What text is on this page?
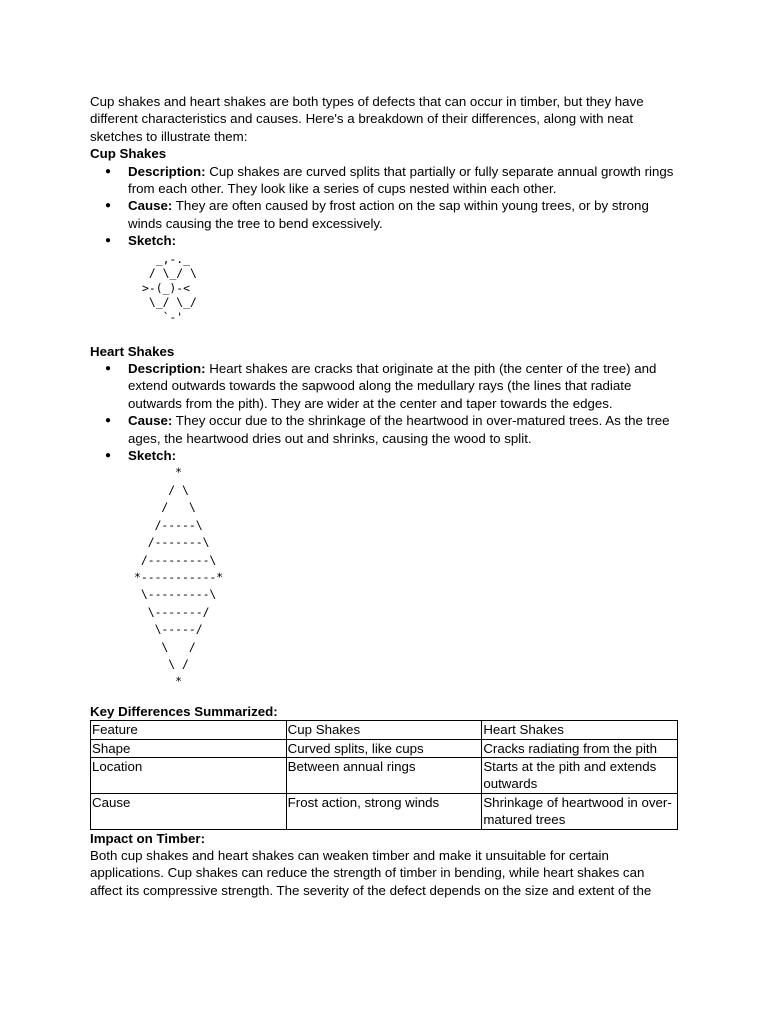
Cup shakes and heart shakes are both types of defects that can occur in timber, but they have different characteristics and causes. Here's a breakdown of their differences, along with neat sketches to illustrate them:

Cup Shakes

● Description: Cup shakes are curved splits that partially or fully separate annual growth rings from each other. They look like a series of cups nested within each other.
● Cause: They are often caused by frost action on the sap within young trees, or by strong winds causing the tree to bend excessively.
● Sketch:
_,-._
/ \_/ \
>-(_)-<
\_/ \_/
`-'

Heart Shakes

● Description: Heart shakes are cracks that originate at the pith (the center of the tree) and extend outwards towards the sapwood along the medullary rays (the lines that radiate outwards from the pith). They are wider at the center and taper towards the edges.
● Cause: They occur due to the shrinkage of the heartwood in over-matured trees. As the tree ages, the heartwood dries out and shrinks, causing the wood to split.
● Sketch:
*
/ \
/   \
/-----\
/-------\
/---------\
*-----------*
\---------\
\-------/
\-----/
\   /
\ /
*

Key Differences Summarized:

Feature	Cup Shakes	Heart Shakes
Shape	Curved splits, like cups	Cracks radiating from the pith
Location	Between annual rings	Starts at the pith and extends outwards
Cause	Frost action, strong winds	Shrinkage of heartwood in over-matured trees

Impact on Timber:

Both cup shakes and heart shakes can weaken timber and make it unsuitable for certain applications. Cup shakes can reduce the strength of timber in bending, while heart shakes can affect its compressive strength. The severity of the defect depends on the size and extent of the
